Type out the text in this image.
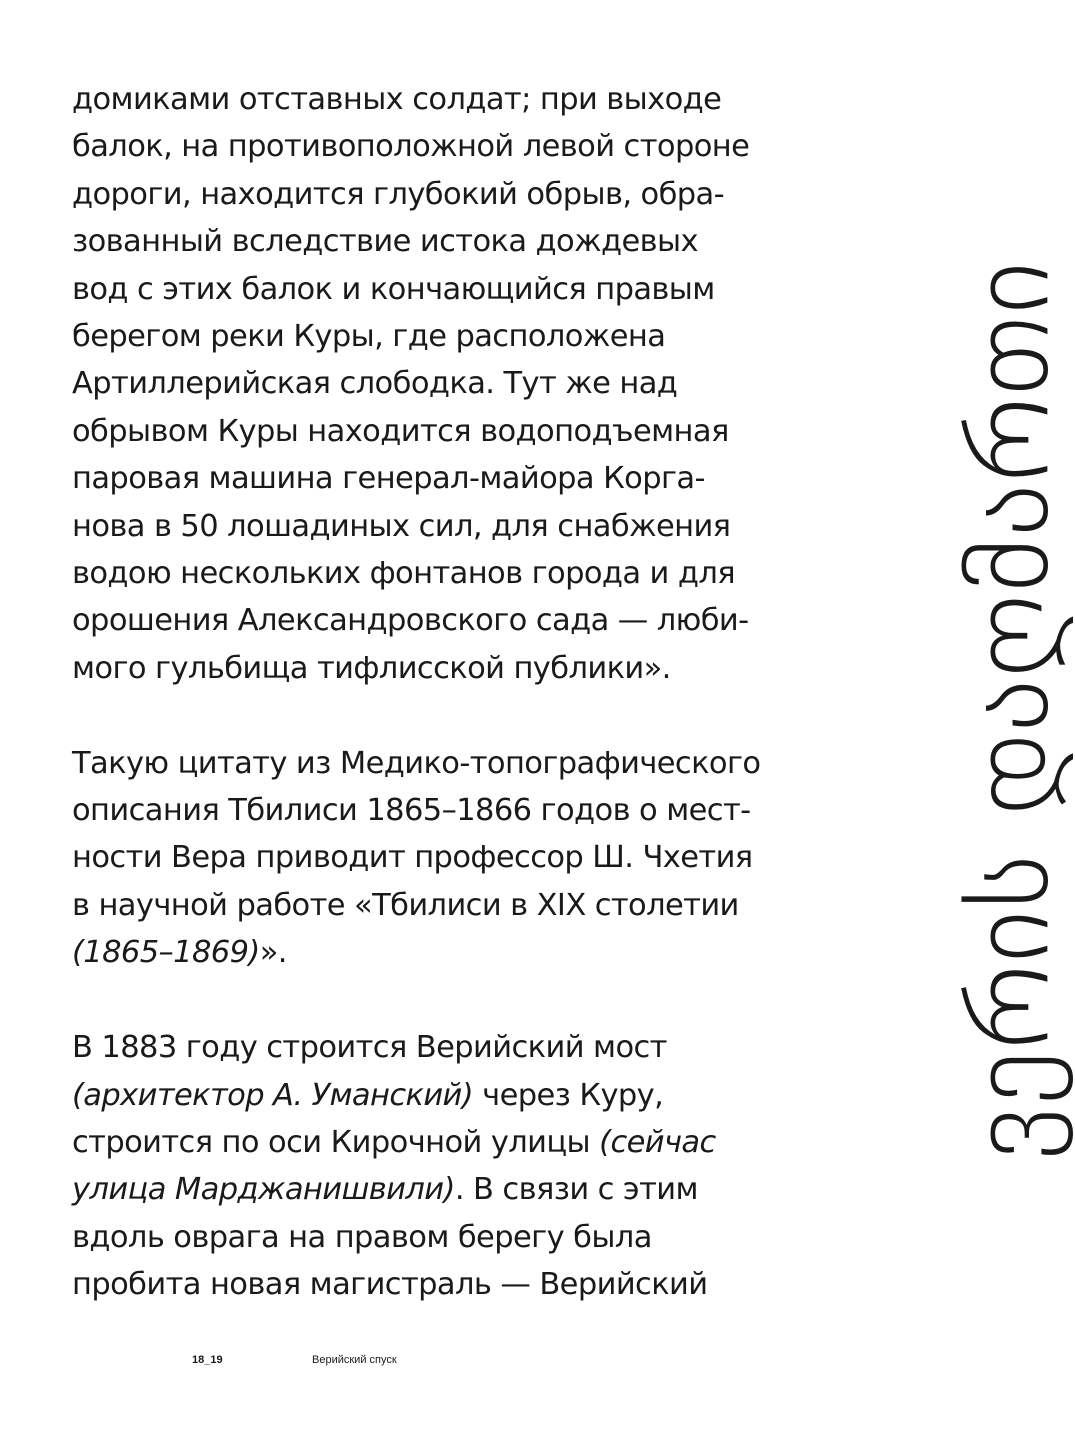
домиками отставных солдат; при выходе
балок, на противоположной левой стороне
дороги, находится глубокий обрыв, обра-
зованный вследствие истока дождевых
вод с этих балок и кончающийся правым
берегом реки Куры, где расположена
Артиллерийская слободка. Тут же над
обрывом Куры находится водоподъемная
паровая машина генерал-майора Корга-
нова в 50 лошадиных сил, для снабжения
водою нескольких фонтанов города и для
орошения Александровского сада — люби-
мого гульбища тифлисской публики».
Такую цитату из Медико-топографического
описания Тбилиси 1865–1866 годов о мест-
ности Вера приводит профессор Ш. Чхетия
в научной работе «Тбилиси в XIX столетии
(1865–1869)».
В 1883 году строится Верийский мост
(архитектор А. Уманский) через Куру,
строится по оси Кирочной улицы (сейчас
улица Марджанишвили). В связи с этим
вдоль оврага на правом берегу была
пробита новая магистраль — Верийский
ვერის დაღმართი
18_19	Верийский спуск
